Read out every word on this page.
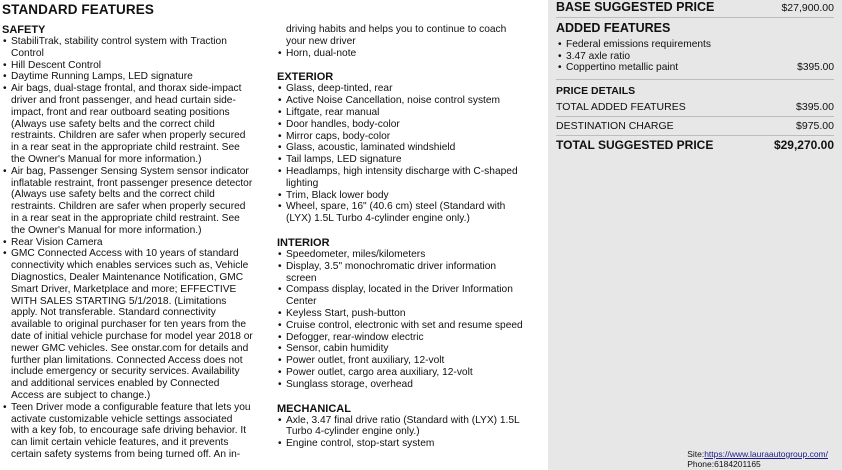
STANDARD FEATURES
SAFETY
• StabiliTrak, stability control system with Traction
Control
• Hill Descent Control
• Daytime Running Lamps, LED signature
• Air bags, dual-stage frontal, and thorax side-impact
driver and front passenger, and head curtain side-
impact, front and rear outboard seating positions
(Always use safety belts and the correct child
restraints. Children are safer when properly secured
in a rear seat in the appropriate child restraint. See
the Owner's Manual for more information.)
• Air bag, Passenger Sensing System sensor indicator
inflatable restraint, front passenger presence detector
(Always use safety belts and the correct child
restraints. Children are safer when properly secured
in a rear seat in the appropriate child restraint. See
the Owner's Manual for more information.)
• Rear Vision Camera
• GMC Connected Access with 10 years of standard
connectivity which enables services such as, Vehicle
Diagnostics, Dealer Maintenance Notification, GMC
Smart Driver, Marketplace and more; EFFECTIVE
WITH SALES STARTING 5/1/2018. (Limitations
apply. Not transferable. Standard connectivity
available to original purchaser for ten years from the
date of initial vehicle purchase for model year 2018 or
newer GMC vehicles. See onstar.com for details and
further plan limitations. Connected Access does not
include emergency or security services. Availability
and additional services enabled by Connected
Access are subject to change.)
• Teen Driver mode a configurable feature that lets you
activate customizable vehicle settings associated
with a key fob, to encourage safe driving behavior. It
can limit certain vehicle features, and it prevents
certain safety systems from being turned off. An in-
driving habits and helps you to continue to coach
your new driver
• Horn, dual-note
EXTERIOR
• Glass, deep-tinted, rear
• Active Noise Cancellation, noise control system
• Liftgate, rear manual
• Door handles, body-color
• Mirror caps, body-color
• Glass, acoustic, laminated windshield
• Tail lamps, LED signature
• Headlamps, high intensity discharge with C-shaped
lighting
• Trim, Black lower body
• Wheel, spare, 16" (40.6 cm) steel (Standard with
(LYX) 1.5L Turbo 4-cylinder engine only.)
INTERIOR
• Speedometer, miles/kilometers
• Display, 3.5" monochromatic driver information
screen
• Compass display, located in the Driver Information
Center
• Keyless Start, push-button
• Cruise control, electronic with set and resume speed
• Defogger, rear-window electric
• Sensor, cabin humidity
• Power outlet, front auxiliary, 12-volt
• Power outlet, cargo area auxiliary, 12-volt
• Sunglass storage, overhead
MECHANICAL
• Axle, 3.47 final drive ratio (Standard with (LYX) 1.5L
Turbo 4-cylinder engine only.)
• Engine control, stop-start system
BASE SUGGESTED PRICE	$27,900.00
ADDED FEATURES
• Federal emissions requirements
• 3.47 axle ratio
• Coppertino metallic paint	$395.00
PRICE DETAILS
TOTAL ADDED FEATURES	$395.00
DESTINATION CHARGE	$975.00
TOTAL SUGGESTED PRICE	$29,270.00
Site:https://www.lauraautogroup.com/
Phone:6184201165
